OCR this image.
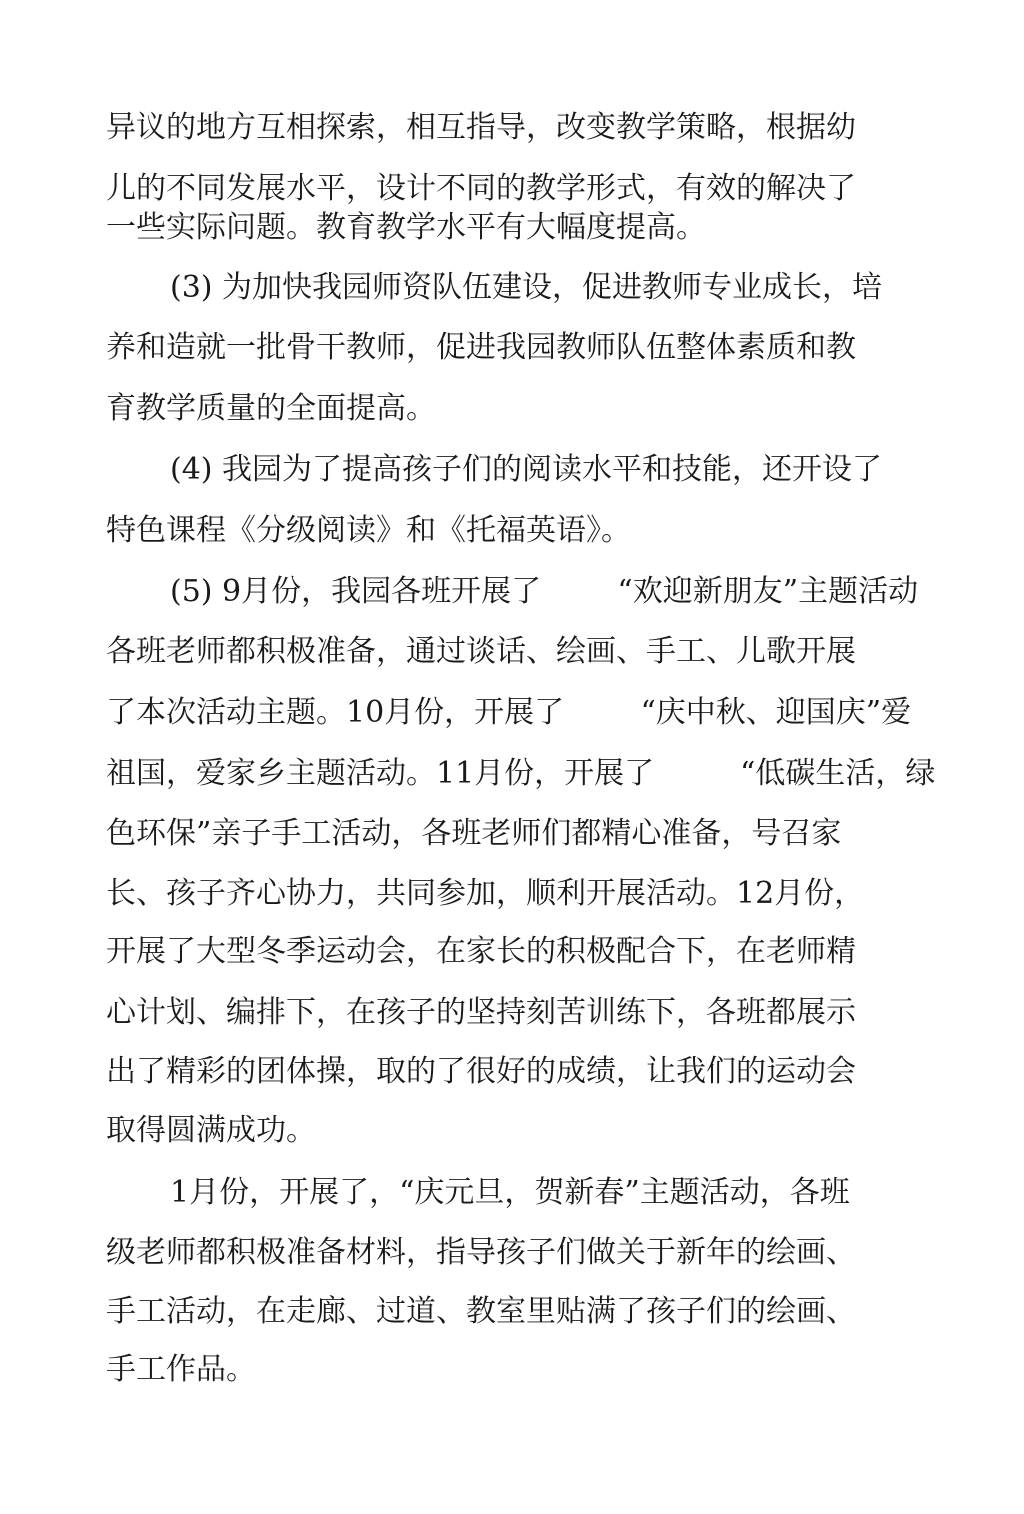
异议的地方互相探索，相互指导，改变教学策略，根据幼

儿的不同发展水平，设计不同的教学形式，有效的解决了

一些实际问题。教育教学水平有大幅度提高。

(3) 为加快我园师资队伍建设，促进教师专业成长，培

养和造就一批骨干教师，促进我园教师队伍整体素质和教

育教学质量的全面提高。

(4) 我园为了提高孩子们的阅读水平和技能，还开设了

特色课程《分级阅读》和《托福英语》。

(5) 9月份，我园各班开展了        “欢迎新朋友”主题活动

各班老师都积极准备，通过谈话、绘画、手工、儿歌开展

了本次活动主题。10月份，开展了        “庆中秋、迎国庆”爱

祖国，爱家乡主题活动。11月份，开展了         “低碳生活，绿

色环保”亲子手工活动，各班老师们都精心准备，号召家

长、孩子齐心协力，共同参加，顺利开展活动。12月份，

开展了大型冬季运动会，在家长的积极配合下，在老师精

心计划、编排下，在孩子的坚持刻苦训练下，各班都展示

出了精彩的团体操，取的了很好的成绩，让我们的运动会

取得圆满成功。

1月份，开展了，“庆元旦，贺新春”主题活动，各班

级老师都积极准备材料，指导孩子们做关于新年的绘画、

手工活动，在走廊、过道、教室里贴满了孩子们的绘画、

手工作品。
